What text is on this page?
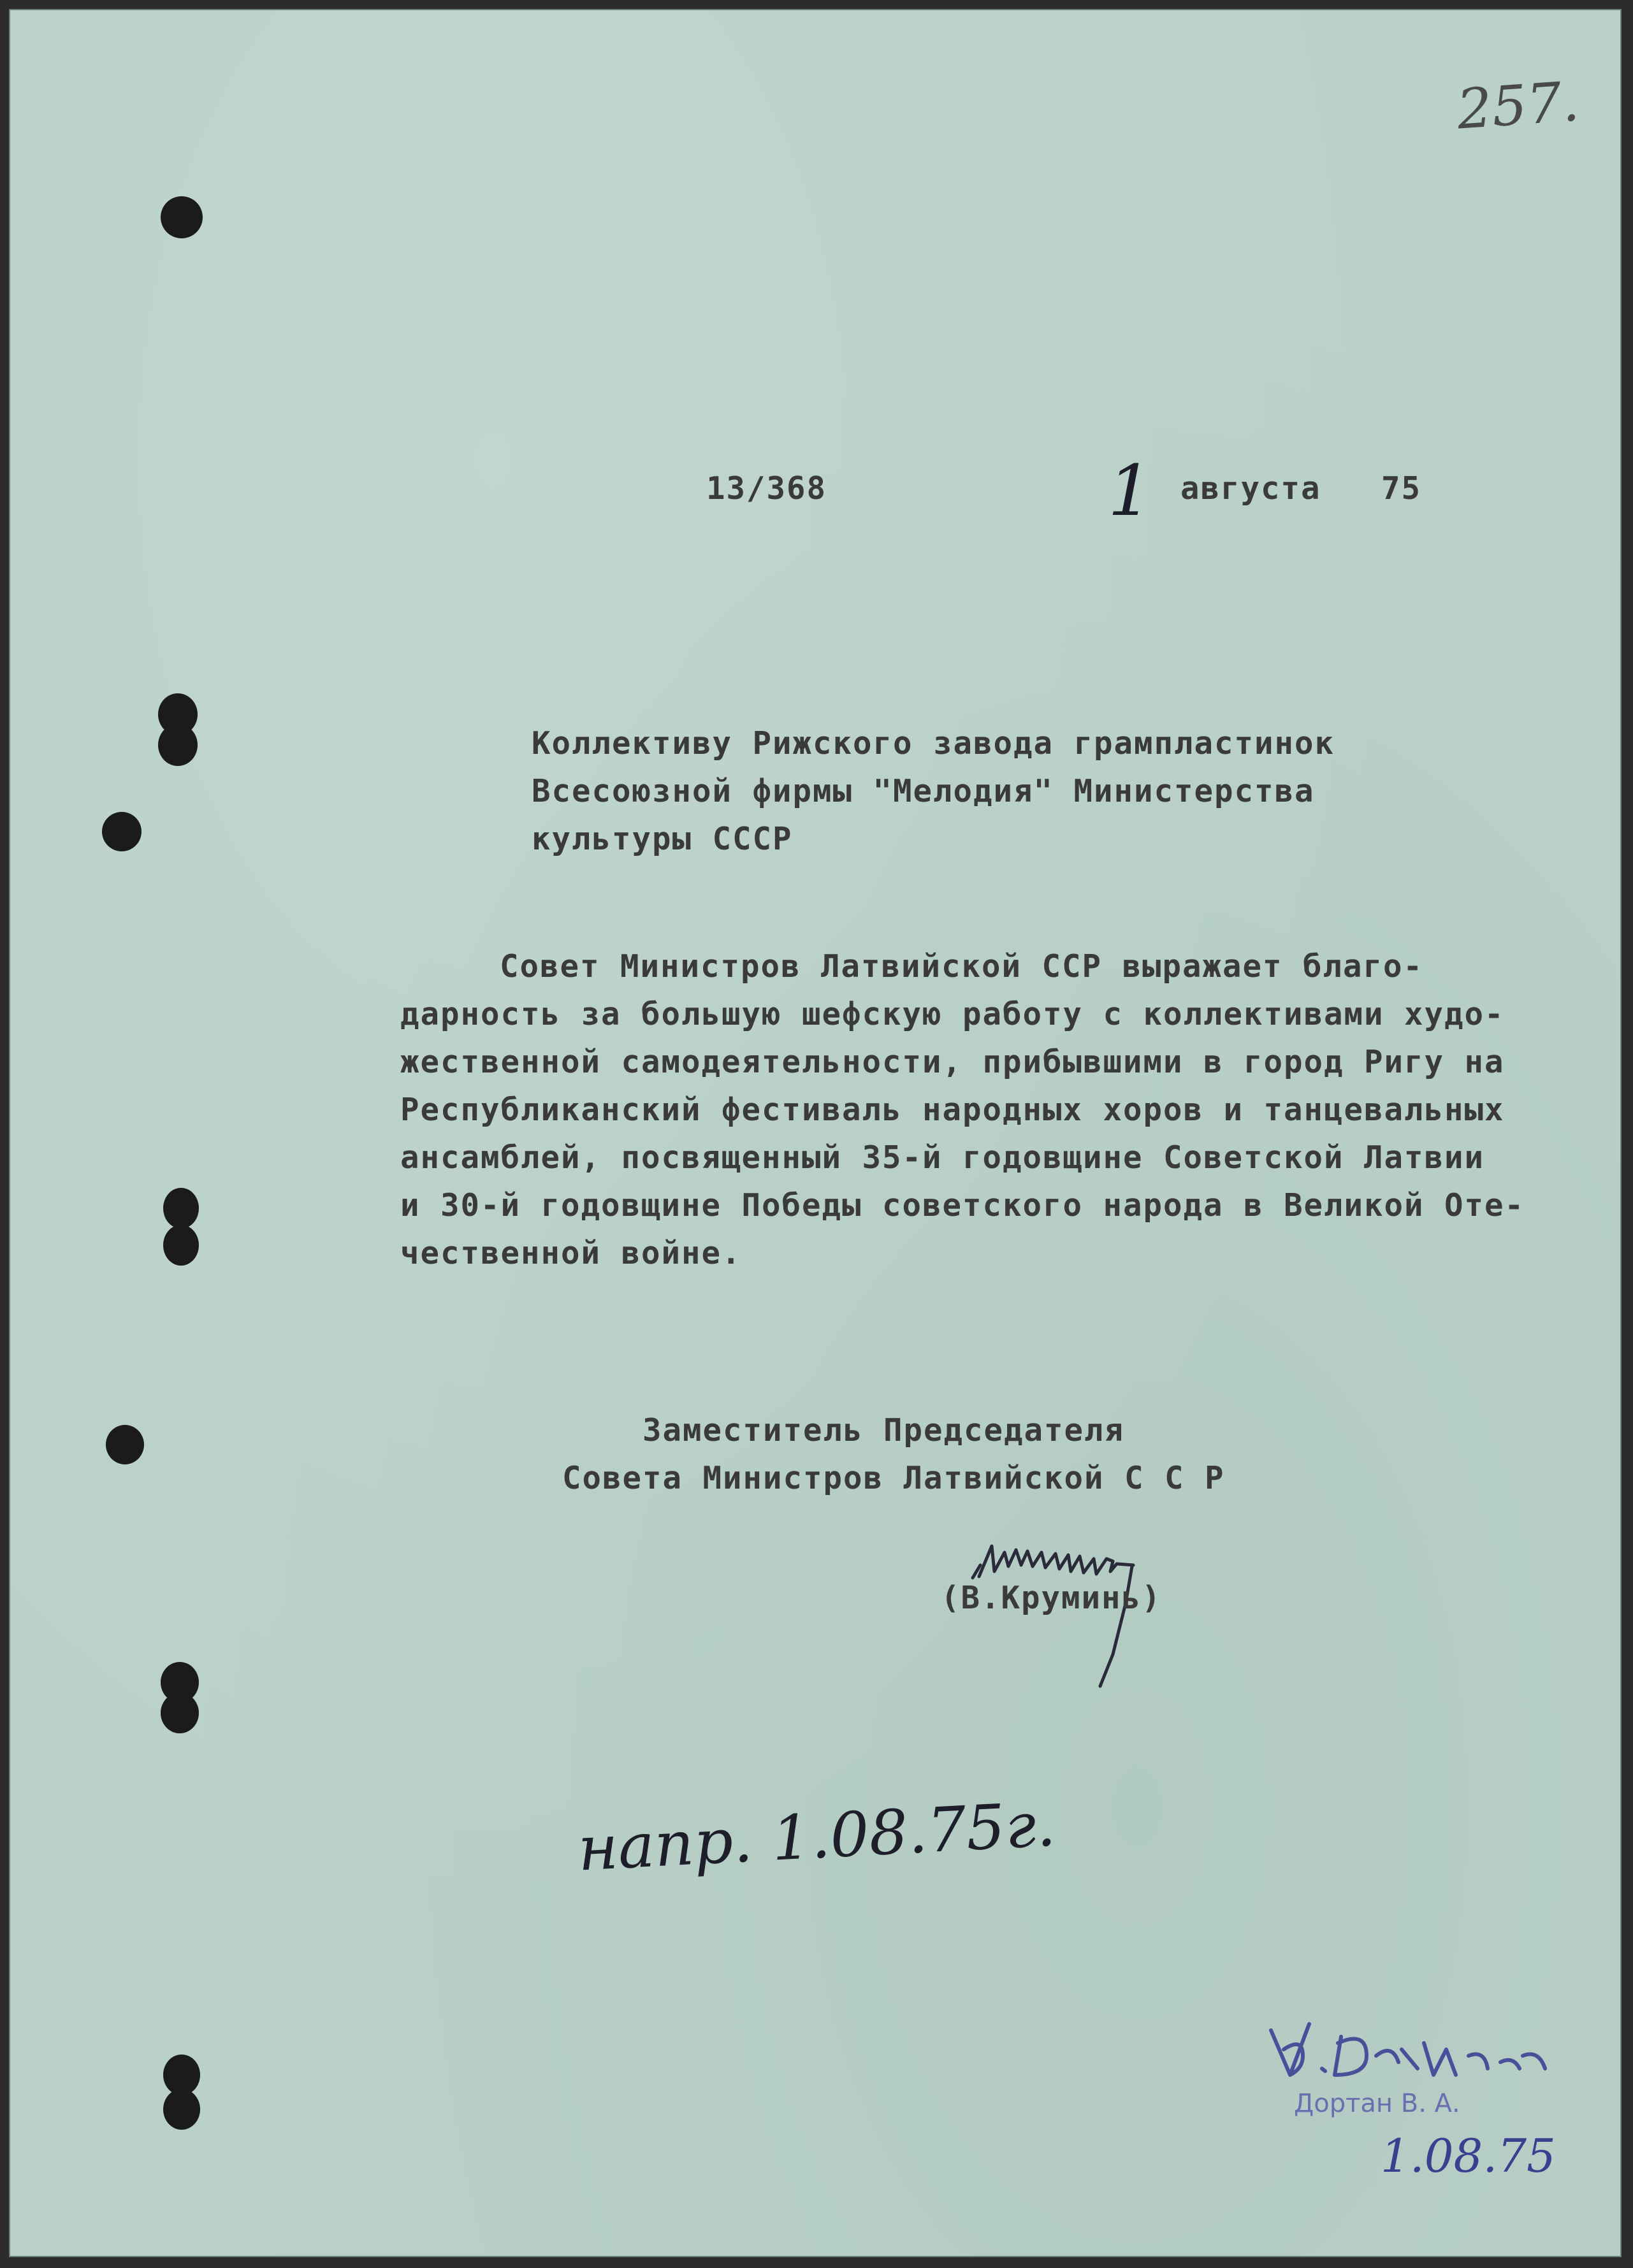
257.
13/368	1 августа   75
Коллективу Рижского завода грампластинок
Всесоюзной фирмы "Мелодия" Министерства
культуры СССР
Совет Министров Латвийской ССР выражает благо-
дарность за большую шефскую работу с коллективами худо-
жественной самодеятельности, прибывшими в город Ригу на
Республиканский фестиваль народных хоров и танцевальных
ансамблей, посвященный 35-й годовщине Советской Латвии
и 30-й годовщине Победы советского народа в Великой Оте-
чественной войне.
Заместитель Председателя
Совета Министров Латвийской С С Р
(В.Круминь)
напр. 1.08.75г.
Дортан В. А.
1.08.75
